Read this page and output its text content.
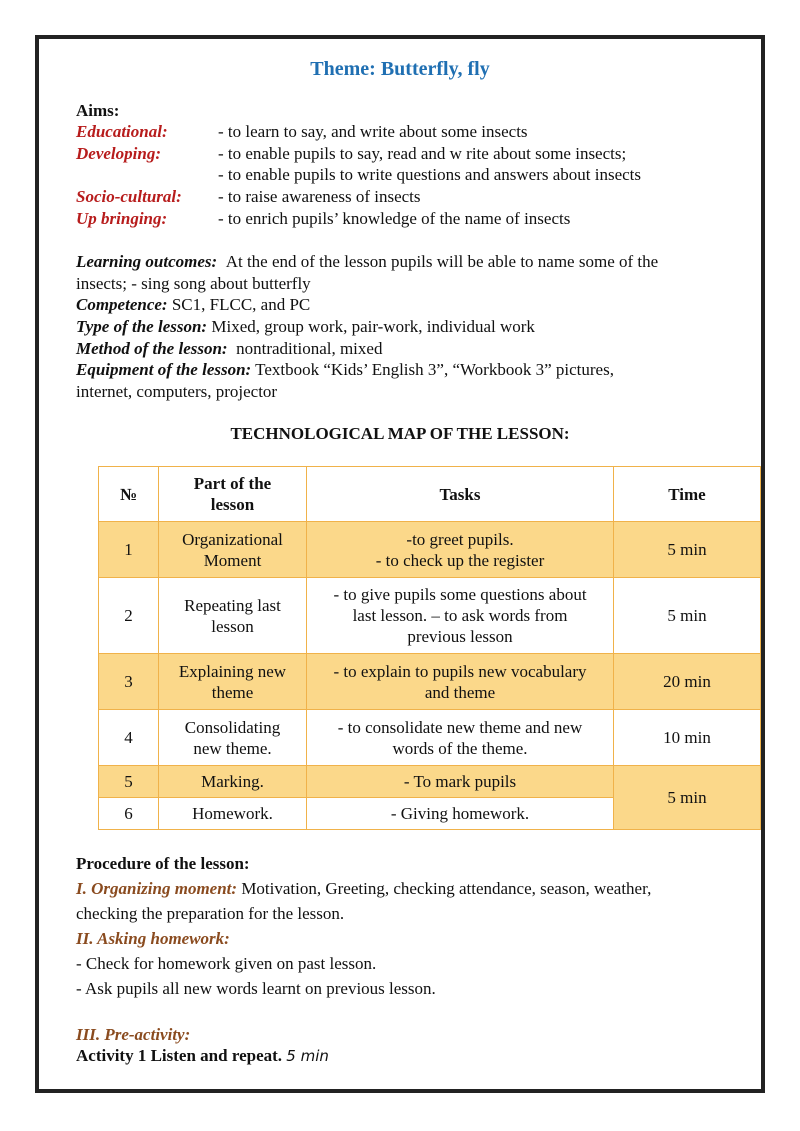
Theme: Butterfly, fly
Aims:
Educational:	- to learn to say, and write about some insects
Developing:	- to enable pupils to say, read and w rite about some insects;
- to enable pupils to write questions and answers about insects
Socio-cultural: - to raise awareness of insects
Up bringing:	- to enrich pupils’ knowledge of the name of insects
Learning outcomes: At the end of the lesson pupils will be able to name some of the
insects; - sing song about butterfly
Competence: SC1, FLCC, and PC
Type of the lesson: Mixed, group work, pair-work, individual work
Method of the lesson: nontraditional, mixed
Equipment of the lesson: Textbook “Kids’ English 3”, “Workbook 3” pictures,
internet, computers, projector
TECHNOLOGICAL MAP OF THE LESSON:
№	Part of the
lesson	Tasks	Time
1	Organizational
Moment	-to greet pupils.
- to check up the register	5 min
2	Repeating last
lesson	- to give pupils some questions about
last lesson. – to ask words from
previous lesson	5 min
3	Explaining new
theme	- to explain to pupils new vocabulary
and theme	20 min
4	Consolidating
new theme.	- to consolidate new theme and new
words of the theme.	10 min
5	Marking.	- To mark pupils	5 min
6	Homework.	- Giving homework.	
Procedure of the lesson:
I. Organizing moment: Motivation, Greeting, checking attendance, season, weather,
checking the preparation for the lesson.
II. Asking homework:
- Check for homework given on past lesson.
- Ask pupils all new words learnt on previous lesson.
III. Pre-activity:
Activity 1 Listen and repeat. 5 min
